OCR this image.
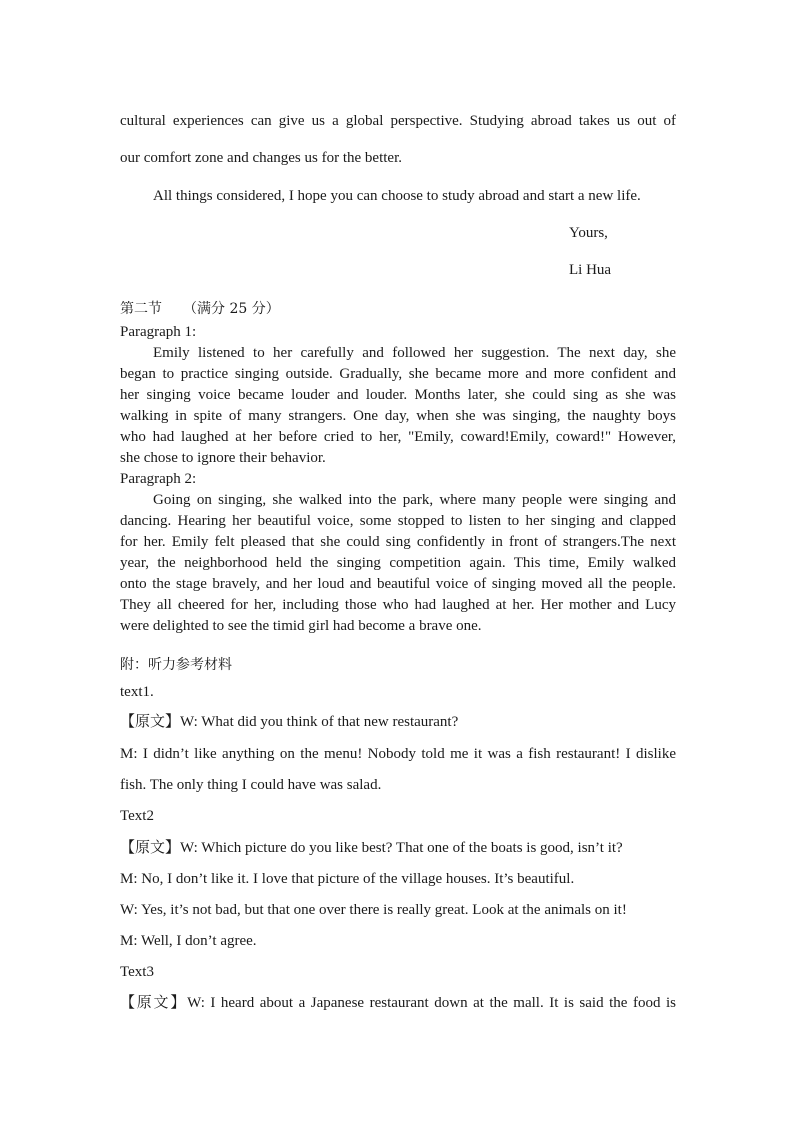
cultural experiences can give us a global perspective. Studying abroad takes us out of
our comfort zone and changes us for the better.
All things considered, I hope you can choose to study abroad and start a new life.
Yours,
Li Hua
第二节　　（满分 25 分）
Paragraph 1:
Emily listened to her carefully and followed her suggestion. The next day, she
began to practice singing outside. Gradually, she became more and more confident and
her singing voice became louder and louder. Months later, she could sing as she was
walking in spite of many strangers. One day, when she was singing, the naughty boys
who had laughed at her before cried to her, "Emily, coward!Emily, coward!" However,
she chose to ignore their behavior.
Paragraph 2:
Going on singing, she walked into the park, where many people were singing and
dancing. Hearing her beautiful voice, some stopped to listen to her singing and clapped
for her. Emily felt pleased that she could sing confidently in front of strangers.The next
year, the neighborhood held the singing competition again. This time, Emily walked
onto the stage bravely, and her loud and beautiful voice of singing moved all the people.
They all cheered for her, including those who had laughed at her. Her mother and Lucy
were delighted to see the timid girl had become a brave one.
附：听力参考材料
text1.
【原文】W: What did you think of that new restaurant?
M: I didn’t like anything on the menu! Nobody told me it was a fish restaurant! I dislike
fish. The only thing I could have was salad.
Text2
【原文】W: Which picture do you like best? That one of the boats is good, isn’t it?
M: No, I don’t like it. I love that picture of the village houses. It’s beautiful.
W: Yes, it’s not bad, but that one over there is really great. Look at the animals on it!
M: Well, I don’t agree.
Text3
【原文】W: I heard about a Japanese restaurant down at the mall. It is said the food is
